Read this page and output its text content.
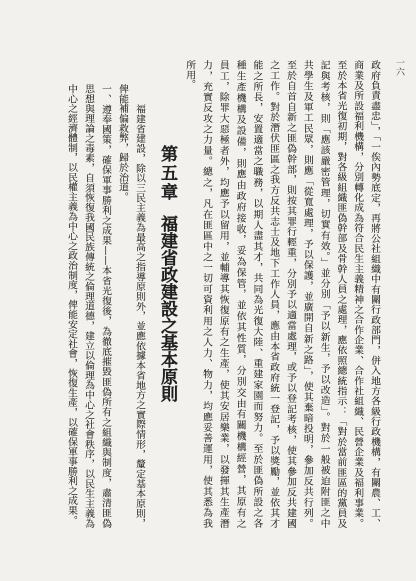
一六
政府負責盡忠」，「一俟內勢底定，再將公社組織中有關行政部門，併入地方各級行政機構，有關農、工、
商業及所設福利機構，分別轉化成為符合民生主義精神之合作企業、合作社組織、民營企業及福利事業。
至於本省光復初期，對各級組織匪偽幹部及骨幹人員之處理，應依照總統指示：「對於當前匪區的黨員及
記與考核，則「應該嚴密管理，切實有效。」並分別「予以新生，予以改造」。對於一般被迫附匪之中
共學生及軍工民眾，則應「從寬處理，予以保護，並廣開自新之路」，使其棄暗投明，參加反共行列。
至於自首自新之匪偽幹部，則按其罪行輕重，分別予以適當處理，或予以登記考核，使其參加反共建國
之工作。對於潛伏匪區之我方反共志士及地下工作人員，應由本省政府統一登記，予以獎勵，並依其才
能之所長，安置適當之職務，以期人盡其才，共同為光復大陸、重建家園而努力。至於匪偽所設之各
種生產機構及設備，則應由政府接收，妥為保管，並依其性質，分別交由有關機構經營，其原有之
員工，除罪大惡極者外，均應予以留用，並輔導其恢復原有之生產，使其安居樂業，以發揮其生產潛
力，充實反攻之力量。總之，凡在匪區中之一切可資利用之人力、物力，均應妥善運用，使其悉為我
所用。
第五章
福建省政建設之基本原則
福建省建設，除以三民主義為最高之指導原則外，並應依據本省地方之實際情形，釐定基本原則，
俾能補偏救弊，歸於治道。
一、遵奉國策，確保軍事勝利之成果——本省光復後，為徹底摧毀匪偽所有之組織與制度，肅清匪偽
思想與理論之毒素，自須恢復我國民族傳統之倫理道德，建立以倫理為中心之社會秩序，以民生主義為
中心之經濟體制，以民權主義為中心之政治制度，俾能安定社會，恢復生產，以確保軍事勝利之成果。
